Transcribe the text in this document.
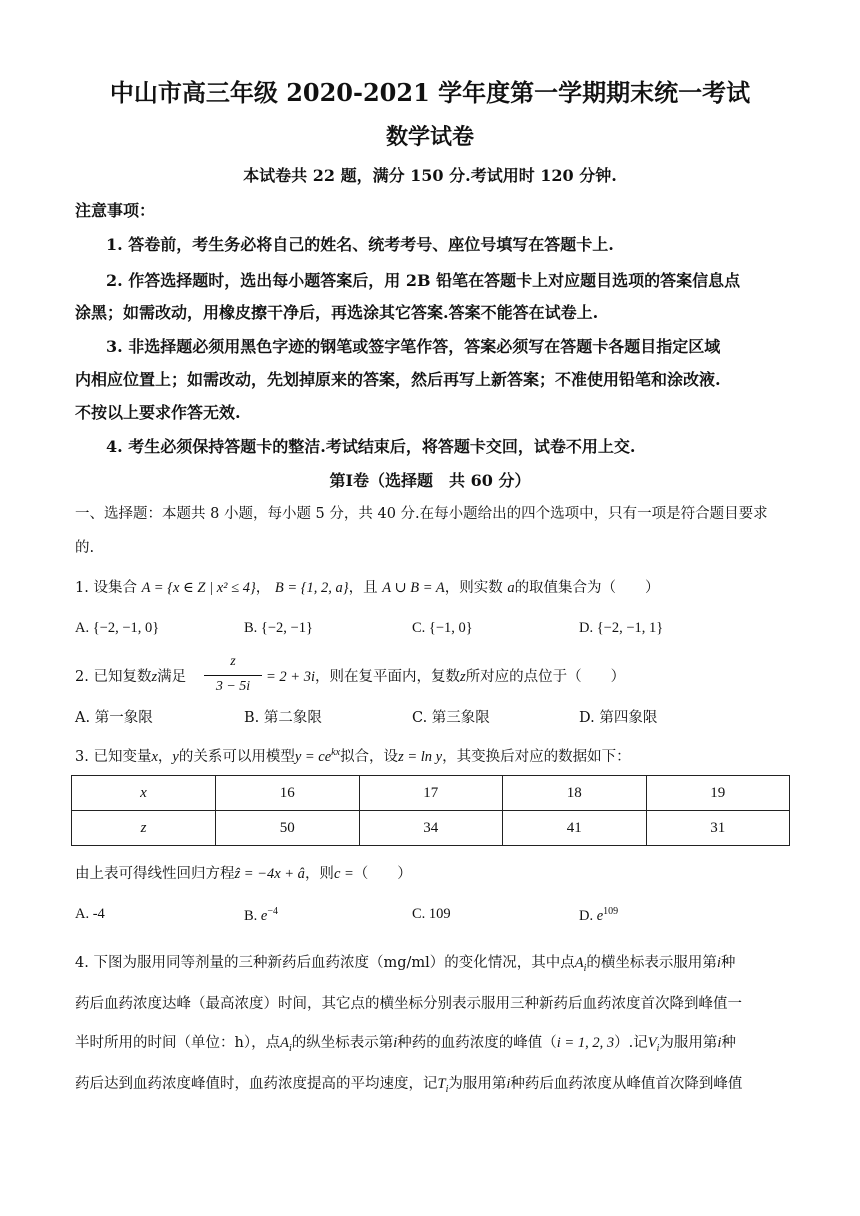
中山市高三年级 2020-2021 学年度第一学期期末统一考试
数学试卷
本试卷共 22 题，满分 150 分.考试用时 120 分钟.
注意事项：
1. 答卷前，考生务必将自己的姓名、统考考号、座位号填写在答题卡上.
2. 作答选择题时，选出每小题答案后，用 2B 铅笔在答题卡上对应题目选项的答案信息点
涂黑；如需改动，用橡皮擦干净后，再选涂其它答案.答案不能答在试卷上.
3. 非选择题必须用黑色字迹的钢笔或签字笔作答，答案必须写在答题卡各题目指定区域
内相应位置上；如需改动，先划掉原来的答案，然后再写上新答案；不准使用铅笔和涂改液.
不按以上要求作答无效.
4. 考生必须保持答题卡的整洁.考试结束后，将答题卡交回，试卷不用上交.
第Ⅰ卷（选择题　共 60 分）
一、选择题：本题共 8 小题，每小题 5 分，共 40 分.在每小题给出的四个选项中，只有一项是符合题目要求
的.
1. 设集合 A = {x ∈ Z | x² ≤ 4}， B = {1, 2, a}，且 A ∪ B = A，则实数 a的取值集合为（　　）
A. {−2, −1, 0}	B. {−2, −1}	C. {−1, 0}	D. {−2, −1, 1}
2. 已知复数z满足
z
3 − 5i
= 2 + 3i，则在复平面内，复数z所对应的点位于（　　）
A. 第一象限	B. 第二象限	C. 第三象限	D. 第四象限
3. 已知变量x，y的关系可以用模型$y = ce^{kx}$拟合，设z = ln y，其变换后对应的数据如下：
x	16	17	18	19
z	50	34	41	31
由上表可得线性回归方程ẑ = −4x + â，则c =（　　）
A. -4	B. $e^{-4}$	C. 109	D. $e^{109}$
4. 下图为服用同等剂量的三种新药后血药浓度（mg/ml）的变化情况，其中点$A_i$的横坐标表示服用第i种
药后血药浓度达峰（最高浓度）时间，其它点的横坐标分别表示服用三种新药后血药浓度首次降到峰值一
半时所用的时间（单位：h），点$A_i$的纵坐标表示第i种药的血药浓度的峰值（i = 1, 2, 3）.记$V_i$为服用第i种
药后达到血药浓度峰值时，血药浓度提高的平均速度，记$T_i$为服用第i种药后血药浓度从峰值首次降到峰值
